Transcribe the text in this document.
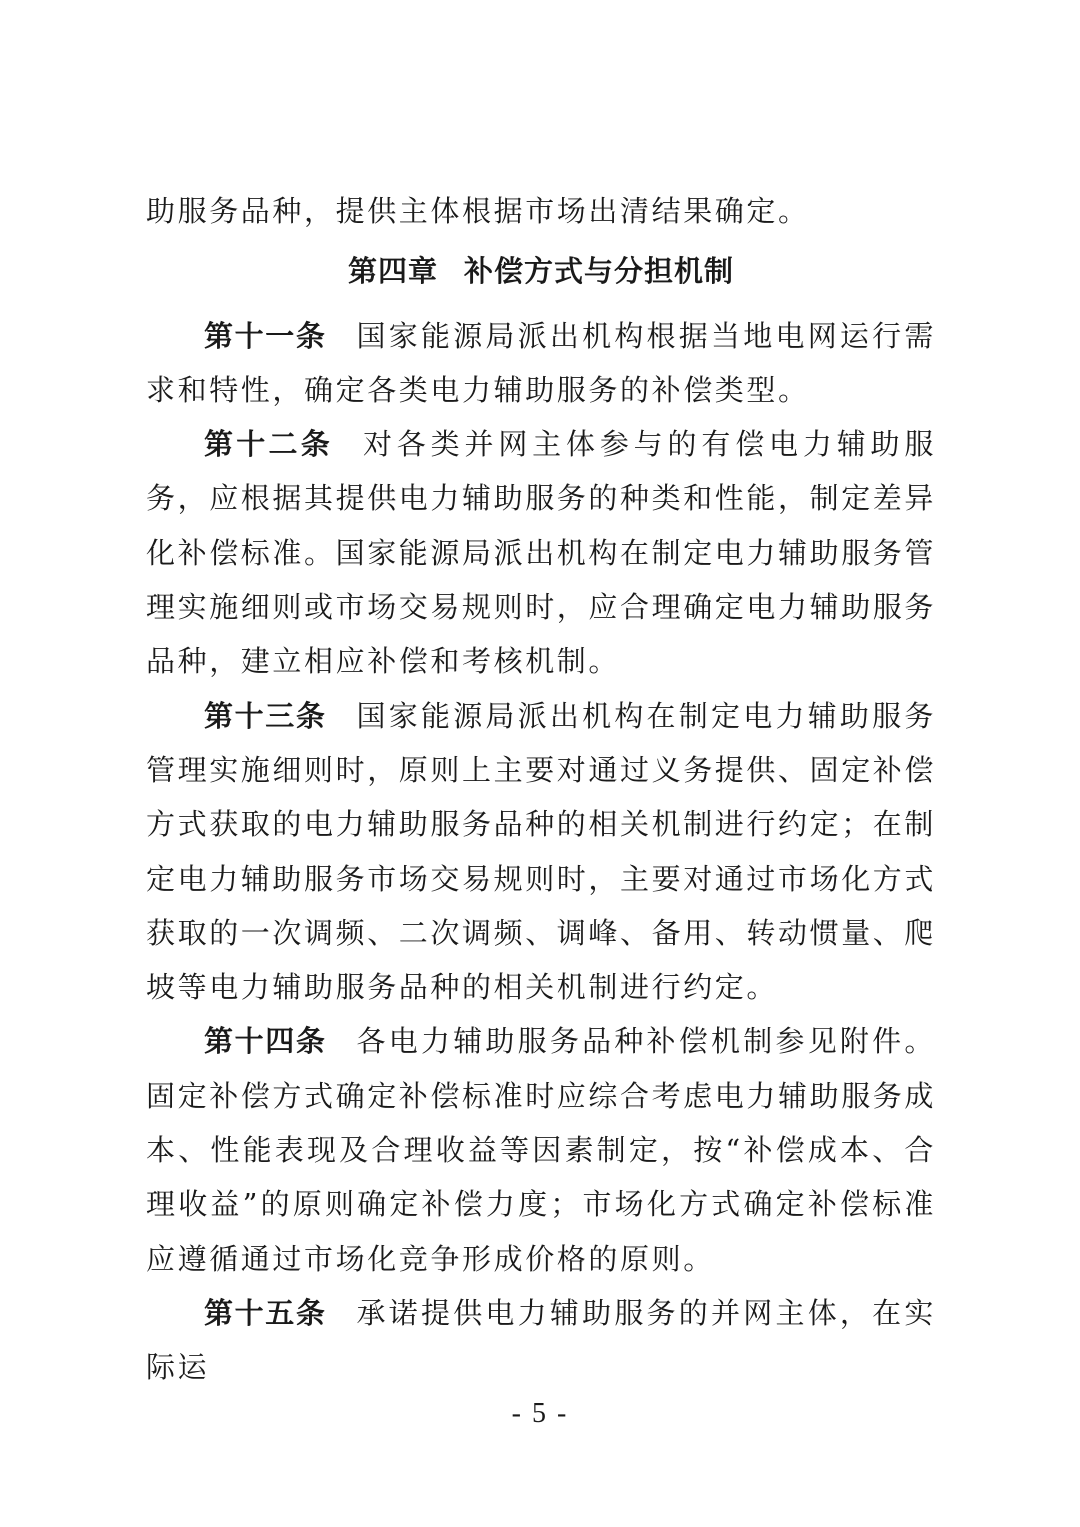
助服务品种，提供主体根据市场出清结果确定。

第四章 补偿方式与分担机制

第十一条 国家能源局派出机构根据当地电网运行需求和特性，确定各类电力辅助服务的补偿类型。

第十二条 对各类并网主体参与的有偿电力辅助服务，应根据其提供电力辅助服务的种类和性能，制定差异化补偿标准。国家能源局派出机构在制定电力辅助服务管理实施细则或市场交易规则时，应合理确定电力辅助服务品种，建立相应补偿和考核机制。

第十三条 国家能源局派出机构在制定电力辅助服务管理实施细则时，原则上主要对通过义务提供、固定补偿方式获取的电力辅助服务品种的相关机制进行约定；在制定电力辅助服务市场交易规则时，主要对通过市场化方式获取的一次调频、二次调频、调峰、备用、转动惯量、爬坡等电力辅助服务品种的相关机制进行约定。

第十四条 各电力辅助服务品种补偿机制参见附件。固定补偿方式确定补偿标准时应综合考虑电力辅助服务成本、性能表现及合理收益等因素制定，按“补偿成本、合理收益”的原则确定补偿力度；市场化方式确定补偿标准应遵循通过市场化竞争形成价格的原则。

第十五条 承诺提供电力辅助服务的并网主体，在实际运

- 5 -
